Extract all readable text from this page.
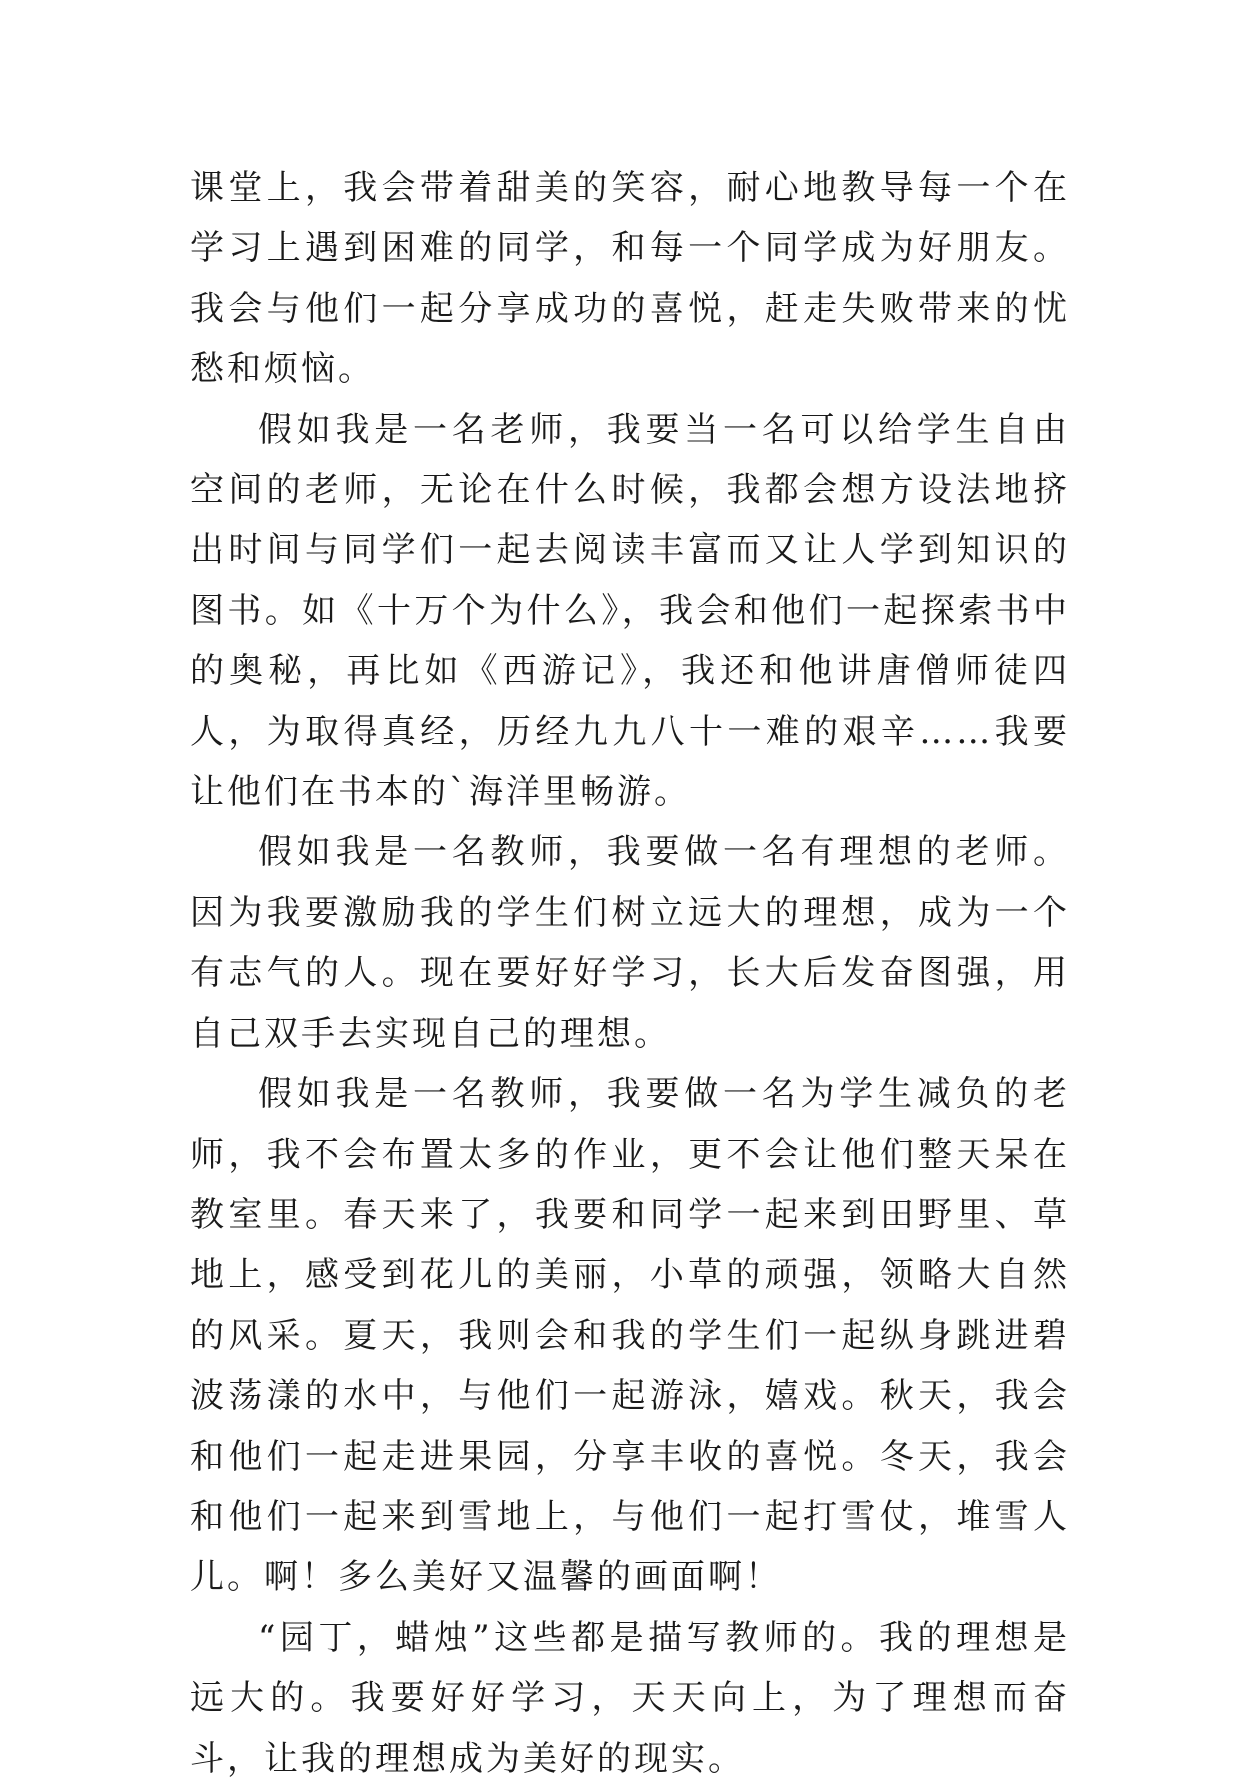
课堂上，我会带着甜美的笑容，耐心地教导每一个在学习上遇到困难的同学，和每一个同学成为好朋友。我会与他们一起分享成功的喜悦，赶走失败带来的忧愁和烦恼。

假如我是一名老师，我要当一名可以给学生自由空间的老师，无论在什么时候，我都会想方设法地挤出时间与同学们一起去阅读丰富而又让人学到知识的图书。如《十万个为什么》，我会和他们一起探索书中的奥秘，再比如《西游记》，我还和他讲唐僧师徒四人，为取得真经，历经九九八十一难的艰辛……我要让他们在书本的`海洋里畅游。

假如我是一名教师，我要做一名有理想的老师。因为我要激励我的学生们树立远大的理想，成为一个有志气的人。现在要好好学习，长大后发奋图强，用自己双手去实现自己的理想。

假如我是一名教师，我要做一名为学生减负的老师，我不会布置太多的作业，更不会让他们整天呆在教室里。春天来了，我要和同学一起来到田野里、草地上，感受到花儿的美丽，小草的顽强，领略大自然的风采。夏天，我则会和我的学生们一起纵身跳进碧波荡漾的水中，与他们一起游泳，嬉戏。秋天，我会和他们一起走进果园，分享丰收的喜悦。冬天，我会和他们一起来到雪地上，与他们一起打雪仗，堆雪人儿。啊！多么美好又温馨的画面啊！

“园丁，蜡烛”这些都是描写教师的。我的理想是远大的。我要好好学习，天天向上，为了理想而奋斗，让我的理想成为美好的现实。
